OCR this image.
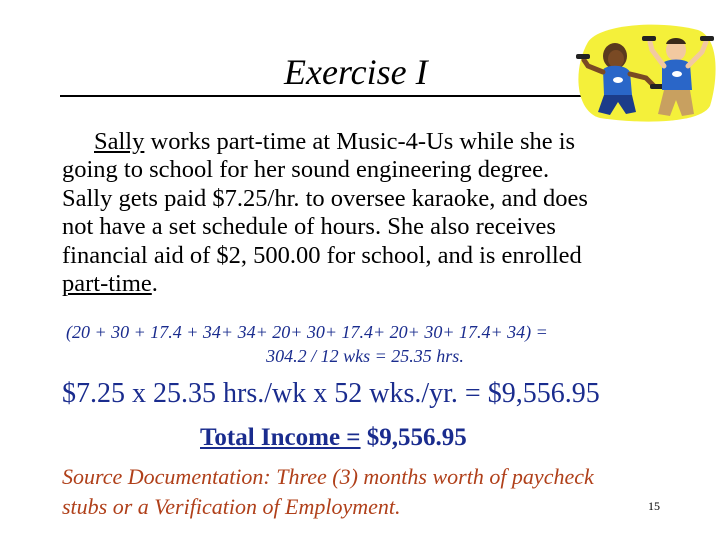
Exercise I
Sally works part-time at Music-4-Us while she is
going to school for her sound engineering degree.
Sally gets paid $7.25/hr. to oversee karaoke, and does
not have a set schedule of hours. She also receives
financial aid of $2, 500.00 for school, and is enrolled
part-time.
(20 + 30 + 17.4 + 34+ 34+ 20+ 30+ 17.4+ 20+ 30+ 17.4+ 34) =
304.2 / 12 wks = 25.35 hrs.
$7.25 x 25.35 hrs./wk x 52 wks./yr. = $9,556.95
Total Income = $9,556.95
Source Documentation: Three (3) months worth of paycheck
stubs or a Verification of Employment.	15
